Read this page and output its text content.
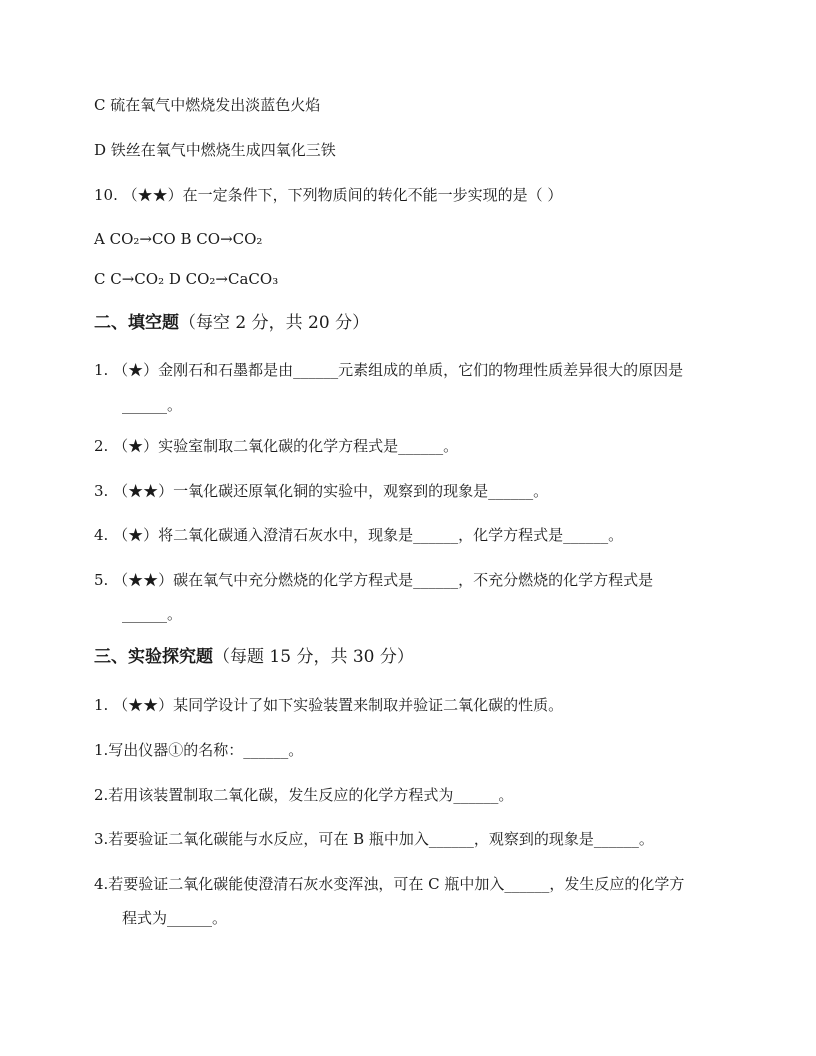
C 硫在氧气中燃烧发出淡蓝色火焰
D 铁丝在氧气中燃烧生成四氧化三铁
10. （★★）在一定条件下，下列物质间的转化不能一步实现的是（ ）
A CO₂→CO B CO→CO₂
C C→CO₂ D CO₂→CaCO₃
二、填空题（每空 2 分，共 20 分）
1. （★）金刚石和石墨都是由______元素组成的单质，它们的物理性质差异很大的原因是
______。
2. （★）实验室制取二氧化碳的化学方程式是______。
3. （★★）一氧化碳还原氧化铜的实验中，观察到的现象是______。
4. （★）将二氧化碳通入澄清石灰水中，现象是______，化学方程式是______。
5. （★★）碳在氧气中充分燃烧的化学方程式是______，不充分燃烧的化学方程式是
______。
三、实验探究题（每题 15 分，共 30 分）
1. （★★）某同学设计了如下实验装置来制取并验证二氧化碳的性质。
1.写出仪器①的名称：______。
2.若用该装置制取二氧化碳，发生反应的化学方程式为______。
3.若要验证二氧化碳能与水反应，可在 B 瓶中加入______，观察到的现象是______。
4.若要验证二氧化碳能使澄清石灰水变浑浊，可在 C 瓶中加入______，发生反应的化学方
程式为______。
